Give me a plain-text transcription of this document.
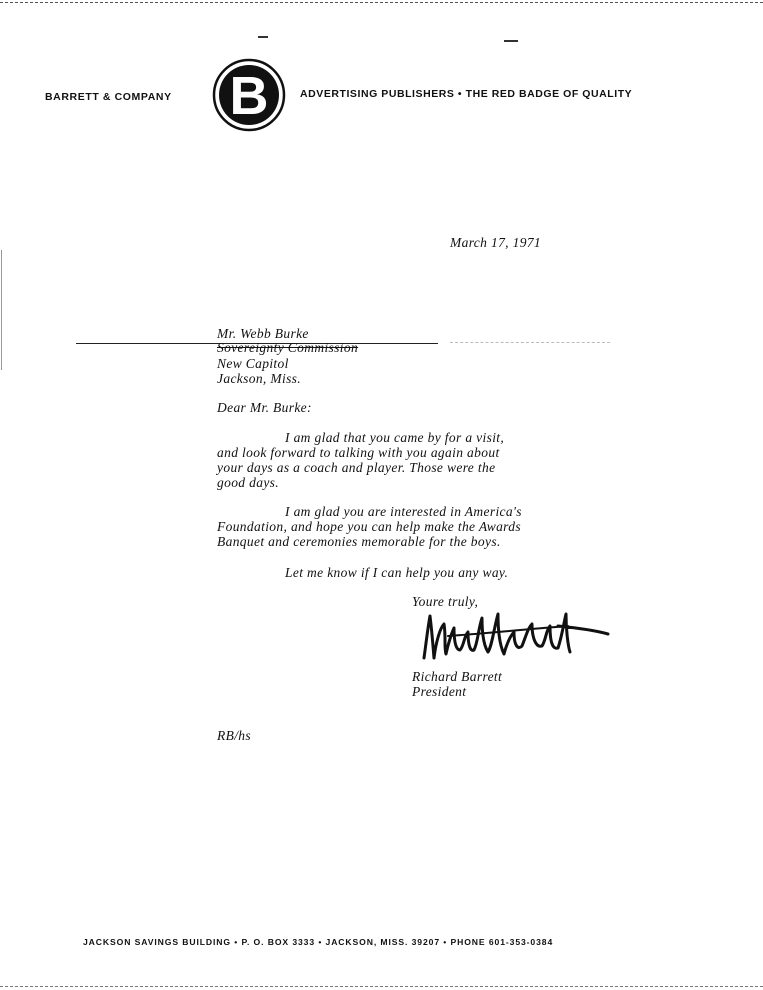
BARRETT & COMPANY B	ADVERTISING PUBLISHERS • THE RED BADGE OF QUALITY
March 17, 1971
Mr. Webb Burke
Sovereignty Commission
New Capitol
Jackson, Miss.
Dear Mr. Burke:
I am glad that you came by for a visit,
and look forward to talking with you again about
your days as a coach and player. Those were the
good days.
I am glad you are interested in America's
Foundation, and hope you can help make the Awards
Banquet and ceremonies memorable for the boys.
Let me know if I can help you any way.
Youre truly,
Richard Barrett
President
RB/hs
JACKSON SAVINGS BUILDING • P. O. BOX 3333 • JACKSON, MISS. 39207 • PHONE 601-353-0384
